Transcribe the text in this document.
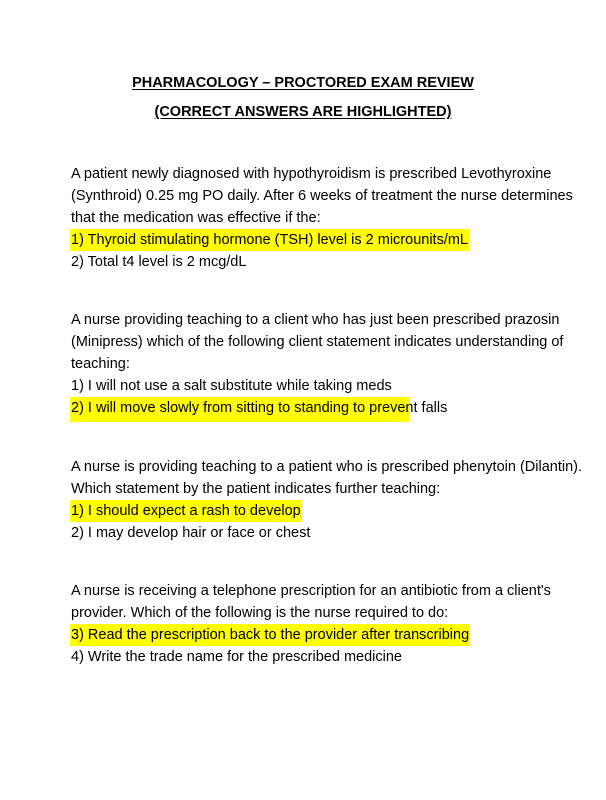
PHARMACOLOGY – PROCTORED EXAM REVIEW
(CORRECT ANSWERS ARE HIGHLIGHTED)
A patient newly diagnosed with hypothyroidism is prescribed Levothyroxine
(Synthroid) 0.25 mg PO daily. After 6 weeks of treatment the nurse determines
that the medication was effective if the:
1) Thyroid stimulating hormone (TSH) level is 2 microunits/mL
2) Total t4 level is 2 mcg/dL
A nurse providing teaching to a client who has just been prescribed prazosin
(Minipress) which of the following client statement indicates understanding of
teaching:
1) I will not use a salt substitute while taking meds
2) I will move slowly from sitting to standing to prevent falls
A nurse is providing teaching to a patient who is prescribed phenytoin (Dilantin).
Which statement by the patient indicates further teaching:
1) I should expect a rash to develop
2) I may develop hair or face or chest
A nurse is receiving a telephone prescription for an antibiotic from a client's
provider. Which of the following is the nurse required to do:
3) Read the prescription back to the provider after transcribing
4) Write the trade name for the prescribed medicine
